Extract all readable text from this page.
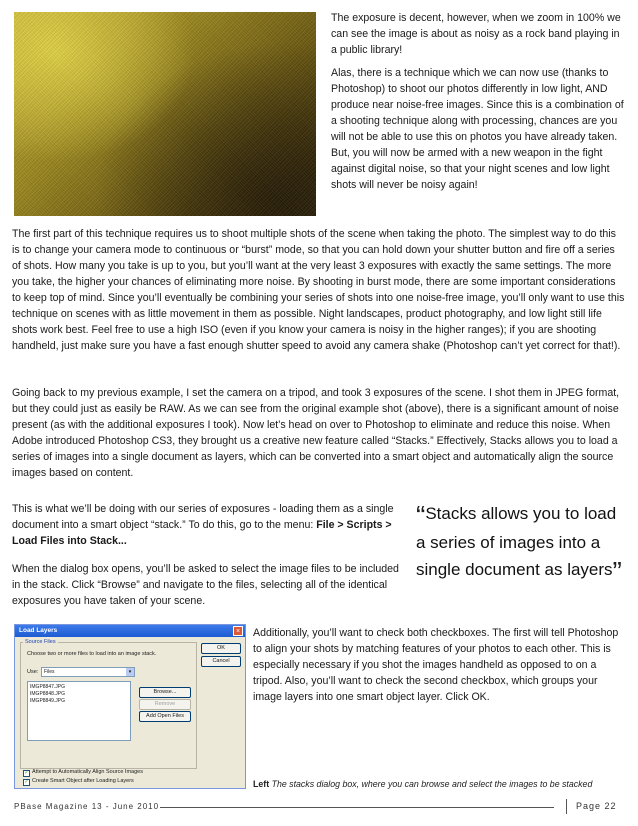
The exposure is decent, however, when we zoom in 100% we can see the image is about as noisy as a rock band playing in a public library!

Alas, there is a technique which we can now use (thanks to Photoshop) to shoot our photos differently in low light, AND produce near noise-free images. Since this is a combination of a shooting technique along with processing, chances are you will not be able to use this on photos you have already taken. But, you will now be armed with a new weapon in the fight against digital noise, so that your night scenes and low light shots will never be noisy again!

The first part of this technique requires us to shoot multiple shots of the scene when taking the photo. The simplest way to do this is to change your camera mode to continuous or “burst” mode, so that you can hold down your shutter button and fire off a series of shots. How many you take is up to you, but you’ll want at the very least 3 exposures with exactly the same settings. The more you take, the higher your chances of eliminating more noise. By shooting in burst mode, there are some important considerations to keep top of mind. Since you’ll eventually be combining your series of shots into one noise-free image, you’ll only want to use this technique on scenes with as little movement in them as possible. Night landscapes, product photography, and low light still life shots work best. Feel free to use a high ISO (even if you know your camera is noisy in the higher ranges); if you are shooting handheld, just make sure you have a fast enough shutter speed to avoid any camera shake (Photoshop can’t yet correct for that!).

Going back to my previous example, I set the camera on a tripod, and took 3 exposures of the scene. I shot them in JPEG format, but they could just as easily be RAW. As we can see from the original example shot (above), there is a significant amount of noise present (as with the additional exposures I took). Now let’s head on over to Photoshop to eliminate and reduce this noise. When Adobe introduced Photoshop CS3, they brought us a creative new feature called “Stacks.” Effectively, Stacks allows you to load a series of images into a single document as layers, which can be converted into a smart object and automatically align the source images based on content.

This is what we’ll be doing with our series of exposures - loading them as a single document into a smart object “stack.” To do this, go to the menu: File > Scripts > Load Files into Stack...

When the dialog box opens, you’ll be asked to select the image files to be included in the stack. Click “Browse” and navigate to the files, selecting all of the identical exposures you have taken of your scene.

“Stacks allows you to load a series of images into a single document as layers”
Load Layers	×
Source Files
Choose two or more files to load into an image stack.
Use:	Files	▾
IMGP8847.JPG
IMGP8848.JPG
IMGP8849.JPG
Browse...
Remove
Add Open Files
OK
Cancel
✓ Attempt to Automatically Align Source Images
✓ Create Smart Object after Loading Layers

Additionally, you’ll want to check both checkboxes. The first will tell Photoshop to align your shots by matching features of your photos to each other. This is especially necessary if you shot the images handheld as opposed to on a tripod. Also, you’ll want to check the second checkbox, which groups your image layers into one smart object layer. Click OK.

Left The stacks dialog box, where you can browse and select the images to be stacked
PBase Magazine 13 - June 2010	Page 22
